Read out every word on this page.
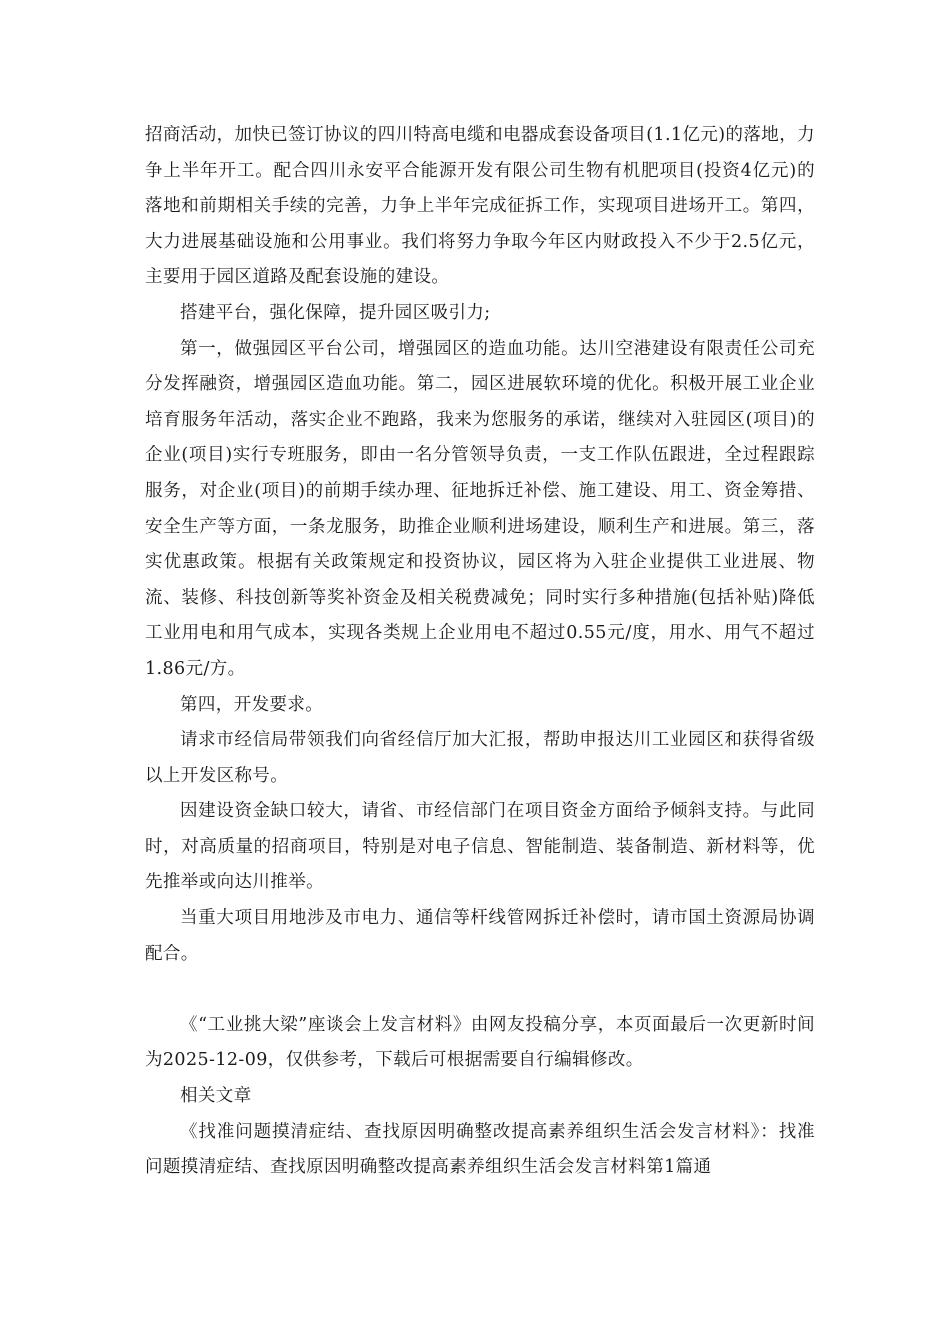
招商活动，加快已签订协议的四川特高电缆和电器成套设备项目(1.1亿元)的落地，力争上半年开工。配合四川永安平合能源开发有限公司生物有机肥项目(投资4亿元)的落地和前期相关手续的完善，力争上半年完成征拆工作，实现项目进场开工。第四，大力进展基础设施和公用事业。我们将努力争取今年区内财政投入不少于2.5亿元，主要用于园区道路及配套设施的建设。

搭建平台，强化保障，提升园区吸引力;

第一，做强园区平台公司，增强园区的造血功能。达川空港建设有限责任公司充分发挥融资，增强园区造血功能。第二，园区进展软环境的优化。积极开展工业企业培育服务年活动，落实企业不跑路，我来为您服务的承诺，继续对入驻园区(项目)的企业(项目)实行专班服务，即由一名分管领导负责，一支工作队伍跟进，全过程跟踪服务，对企业(项目)的前期手续办理、征地拆迁补偿、施工建设、用工、资金筹措、安全生产等方面，一条龙服务，助推企业顺利进场建设，顺利生产和进展。第三，落实优惠政策。根据有关政策规定和投资协议，园区将为入驻企业提供工业进展、物流、装修、科技创新等奖补资金及相关税费减免；同时实行多种措施(包括补贴)降低工业用电和用气成本，实现各类规上企业用电不超过0.55元/度，用水、用气不超过1.86元/方。

第四，开发要求。

请求市经信局带领我们向省经信厅加大汇报，帮助申报达川工业园区和获得省级以上开发区称号。

因建设资金缺口较大，请省、市经信部门在项目资金方面给予倾斜支持。与此同时，对高质量的招商项目，特别是对电子信息、智能制造、装备制造、新材料等，优先推举或向达川推举。

当重大项目用地涉及市电力、通信等杆线管网拆迁补偿时，请市国土资源局协调配合。

《“工业挑大梁”座谈会上发言材料》由网友投稿分享，本页面最后一次更新时间为2025-12-09，仅供参考，下载后可根据需要自行编辑修改。

相关文章

《找准问题摸清症结、查找原因明确整改提高素养组织生活会发言材料》：找准问题摸清症结、查找原因明确整改提高素养组织生活会发言材料第1篇通
